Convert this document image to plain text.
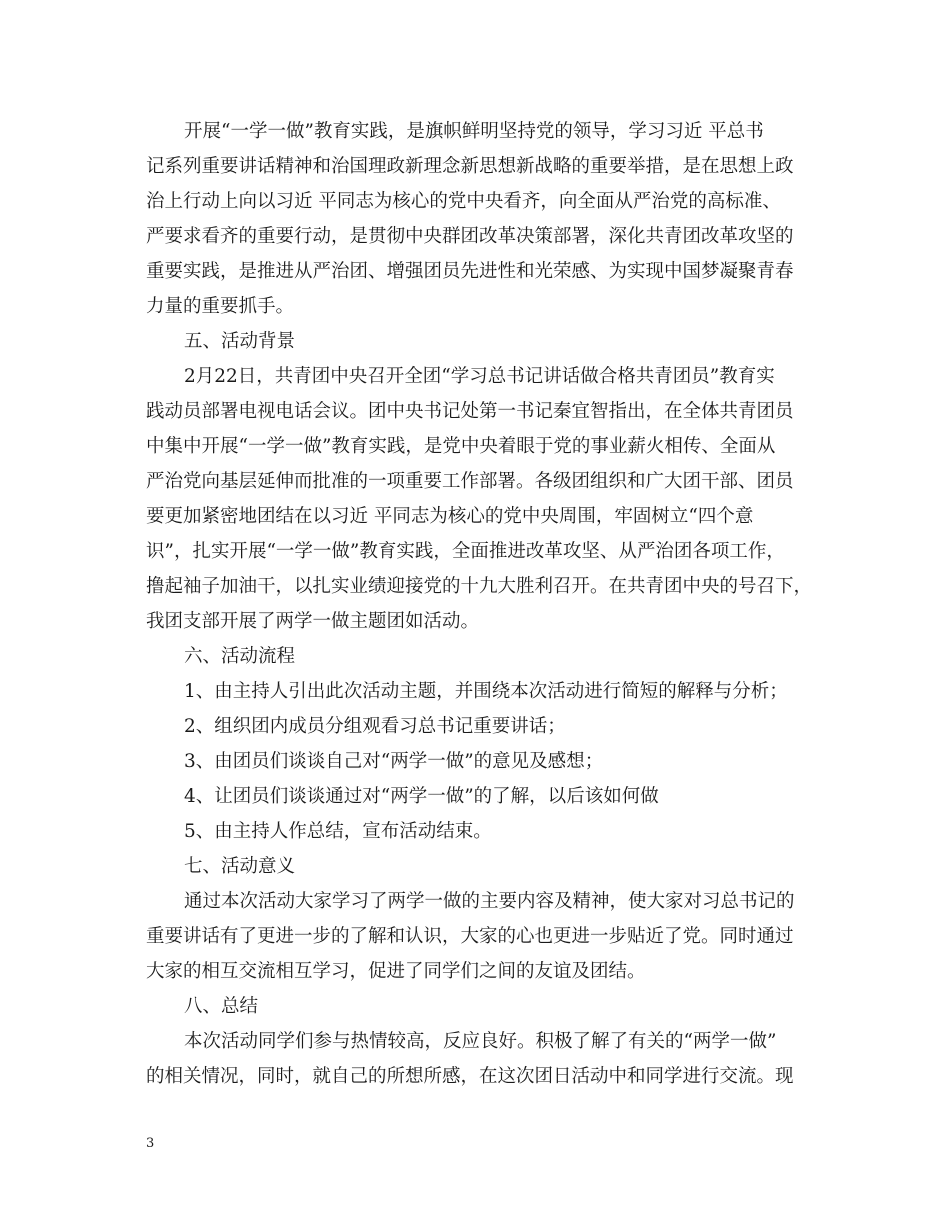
开展“一学一做”教育实践，是旗帜鲜明坚持党的领导，学习习近 平总书
记系列重要讲话精神和治国理政新理念新思想新战略的重要举措，是在思想上政
治上行动上向以习近 平同志为核心的党中央看齐，向全面从严治党的高标准、
严要求看齐的重要行动，是贯彻中央群团改革决策部署，深化共青团改革攻坚的
重要实践，是推进从严治团、增强团员先进性和光荣感、为实现中国梦凝聚青春
力量的重要抓手。
五、活动背景
2月22日，共青团中央召开全团“学习总书记讲话做合格共青团员”教育实
践动员部署电视电话会议。团中央书记处第一书记秦宜智指出，在全体共青团员
中集中开展“一学一做”教育实践，是党中央着眼于党的事业薪火相传、全面从
严治党向基层延伸而批准的一项重要工作部署。各级团组织和广大团干部、团员
要更加紧密地团结在以习近 平同志为核心的党中央周围，牢固树立“四个意
识”，扎实开展“一学一做”教育实践，全面推进改革攻坚、从严治团各项工作，
撸起袖子加油干，以扎实业绩迎接党的十九大胜利召开。在共青团中央的号召下，
我团支部开展了两学一做主题团如活动。
六、活动流程
1、由主持人引出此次活动主题，并围绕本次活动进行简短的解释与分析；
2、组织团内成员分组观看习总书记重要讲话；
3、由团员们谈谈自己对“两学一做”的意见及感想；
4、让团员们谈谈通过对“两学一做”的了解，以后该如何做
5、由主持人作总结，宣布活动结束。
七、活动意义
通过本次活动大家学习了两学一做的主要内容及精神，使大家对习总书记的
重要讲话有了更进一步的了解和认识，大家的心也更进一步贴近了党。同时通过
大家的相互交流相互学习，促进了同学们之间的友谊及团结。
八、总结
本次活动同学们参与热情较高，反应良好。积极了解了有关的“两学一做”
的相关情况，同时，就自己的所想所感，在这次团日活动中和同学进行交流。现
3
